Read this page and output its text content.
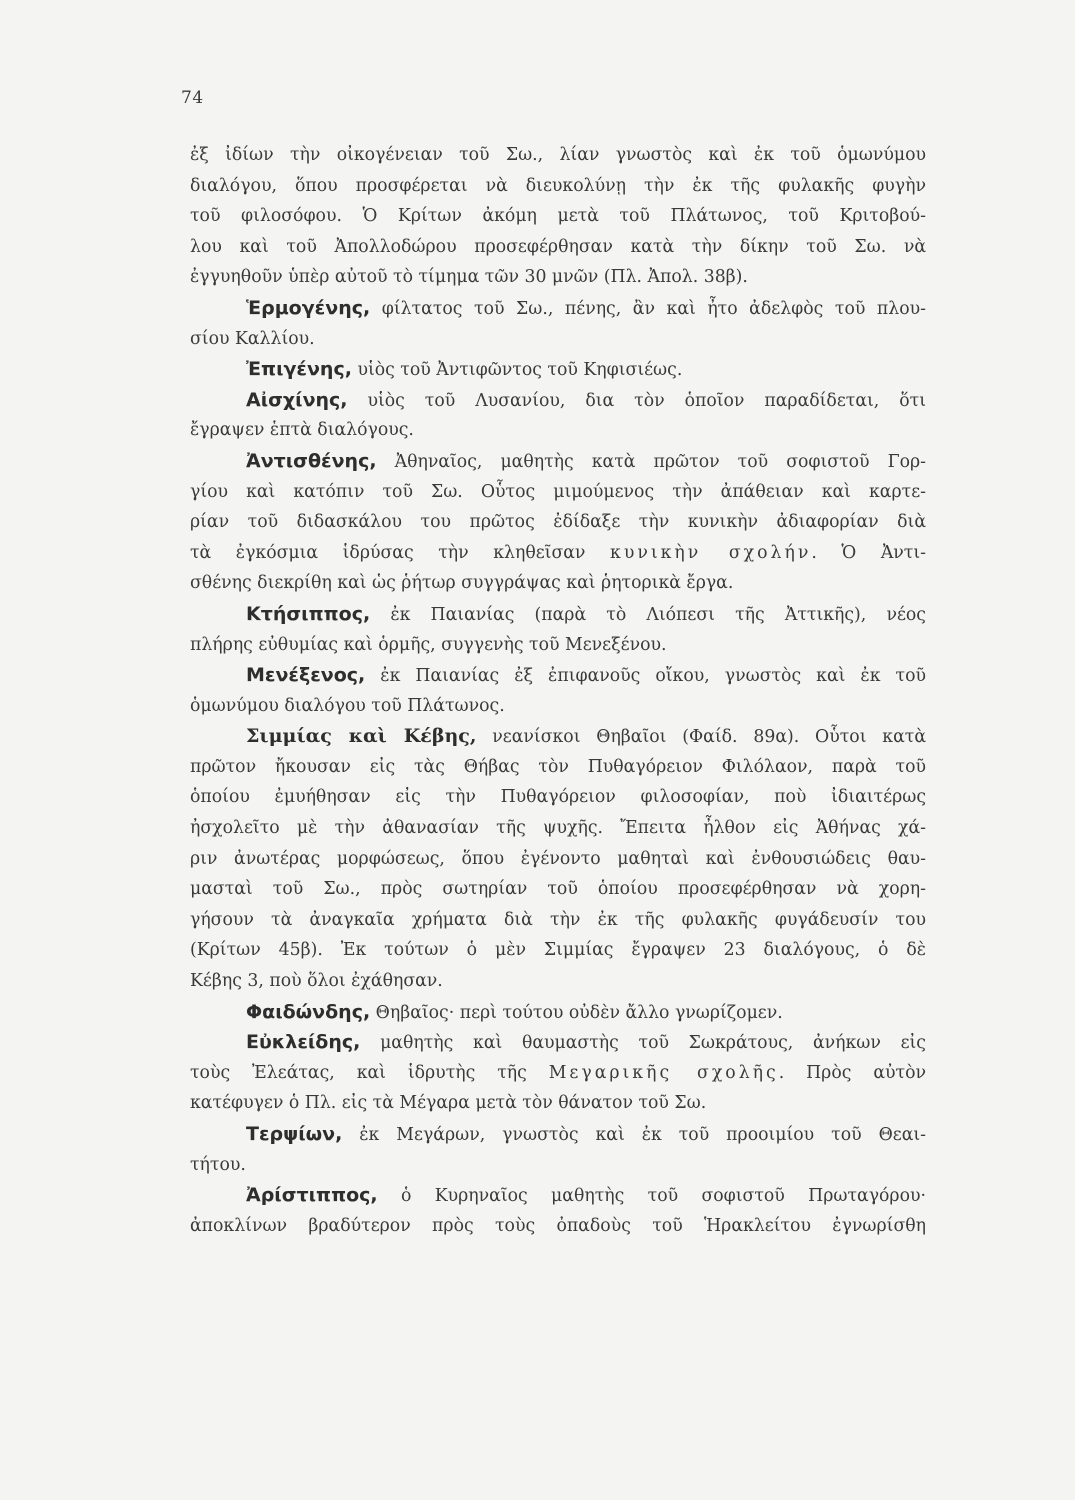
74
ἐξ ἰδίων τὴν οἰκογένειαν τοῦ Σω., λίαν γνωστὸς καὶ ἐκ τοῦ ὁμωνύμου
διαλόγου, ὅπου προσφέρεται νὰ διευκολύνῃ τὴν ἐκ τῆς φυλακῆς φυγὴν
τοῦ φιλοσόφου. Ὁ Κρίτων ἀκόμη μετὰ τοῦ Πλάτωνος, τοῦ Κριτοβού-
λου καὶ τοῦ Ἀπολλοδώρου προσεφέρθησαν κατὰ τὴν δίκην τοῦ Σω. νὰ
ἐγγυηθοῦν ὑπὲρ αὐτοῦ τὸ τίμημα τῶν 30 μνῶν (Πλ. Ἀπολ. 38β).
Ἑρμογένης, φίλτατος τοῦ Σω., πένης, ἂν καὶ ἦτο ἀδελφὸς τοῦ πλου-
σίου Καλλίου.
Ἐπιγένης, υἱὸς τοῦ Ἀντιφῶντος τοῦ Κηφισιέως.
Αἰσχίνης, υἱὸς τοῦ Λυσανίου, δια τὸν ὁποῖον παραδίδεται, ὅτι
ἔγραψεν ἑπτὰ διαλόγους.
Ἀντισθένης, Ἀθηναῖος, μαθητὴς κατὰ πρῶτον τοῦ σοφιστοῦ Γορ-
γίου καὶ κατόπιν τοῦ Σω. Οὗτος μιμούμενος τὴν ἀπάθειαν καὶ καρτε-
ρίαν τοῦ διδασκάλου του πρῶτος ἐδίδαξε τὴν κυνικὴν ἀδιαφορίαν διὰ
τὰ ἐγκόσμια ἱδρύσας τὴν κληθεῖσαν κυνικὴν σχολήν. Ὁ Ἀντι-
σθένης διεκρίθη καὶ ὡς ῥήτωρ συγγράψας καὶ ῥητορικὰ ἔργα.
Κτήσιππος, ἐκ Παιανίας (παρὰ τὸ Λιόπεσι τῆς Ἀττικῆς), νέος
πλήρης εὐθυμίας καὶ ὁρμῆς, συγγενὴς τοῦ Μενεξένου.
Μενέξενος, ἐκ Παιανίας ἐξ ἐπιφανοῦς οἴκου, γνωστὸς καὶ ἐκ τοῦ
ὁμωνύμου διαλόγου τοῦ Πλάτωνος.
Σιμμίας καὶ Κέβης, νεανίσκοι Θηβαῖοι (Φαίδ. 89α). Οὗτοι κατὰ
πρῶτον ἤκουσαν εἰς τὰς Θήβας τὸν Πυθαγόρειον Φιλόλαον, παρὰ τοῦ
ὁποίου ἐμυήθησαν εἰς τὴν Πυθαγόρειον φιλοσοφίαν, ποὺ ἰδιαιτέρως
ἠσχολεῖτο μὲ τὴν ἀθανασίαν τῆς ψυχῆς. Ἔπειτα ἦλθον εἰς Ἀθήνας χά-
ριν ἀνωτέρας μορφώσεως, ὅπου ἐγένοντο μαθηταὶ καὶ ἐνθουσιώδεις θαυ-
μασταὶ τοῦ Σω., πρὸς σωτηρίαν τοῦ ὁποίου προσεφέρθησαν νὰ χορη-
γήσουν τὰ ἀναγκαῖα χρήματα διὰ τὴν ἐκ τῆς φυλακῆς φυγάδευσίν του
(Κρίτων 45β). Ἐκ τούτων ὁ μὲν Σιμμίας ἔγραψεν 23 διαλόγους, ὁ δὲ
Κέβης 3, ποὺ ὅλοι ἐχάθησαν.
Φαιδώνδης, Θηβαῖος· περὶ τούτου οὐδὲν ἄλλο γνωρίζομεν.
Εὐκλείδης, μαθητὴς καὶ θαυμαστὴς τοῦ Σωκράτους, ἀνήκων εἰς
τοὺς Ἐλεάτας, καὶ ἱδρυτὴς τῆς Μεγαρικῆς σχολῆς. Πρὸς αὐτὸν
κατέφυγεν ὁ Πλ. εἰς τὰ Μέγαρα μετὰ τὸν θάνατον τοῦ Σω.
Τερψίων, ἐκ Μεγάρων, γνωστὸς καὶ ἐκ τοῦ προοιμίου τοῦ Θεαι-
τήτου.
Ἀρίστιππος, ὁ Κυρηναῖος μαθητὴς τοῦ σοφιστοῦ Πρωταγόρου·
ἀποκλίνων βραδύτερον πρὸς τοὺς ὀπαδοὺς τοῦ Ἡρακλείτου ἐγνωρίσθη
